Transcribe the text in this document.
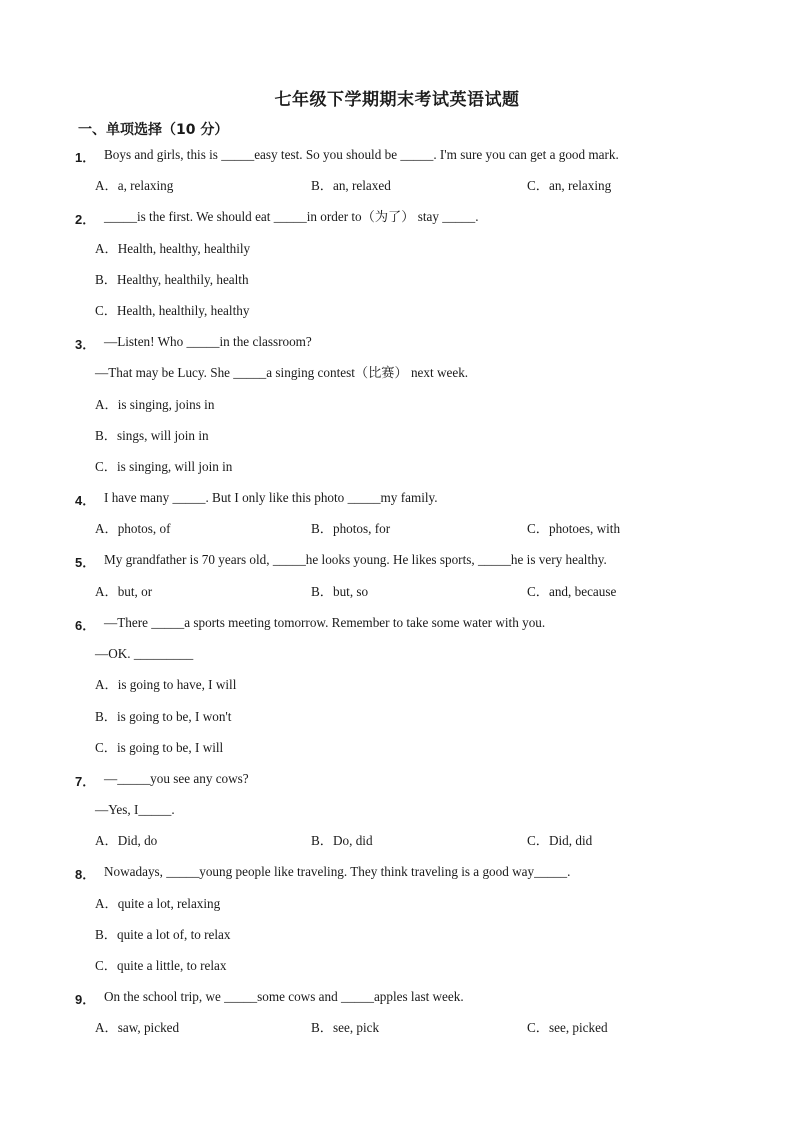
七年级下学期期末考试英语试题
一、单项选择（10 分）
1． Boys and girls, this is _____easy test. So you should be _____. I'm sure you can get a good mark.
A．a, relaxing	B．an, relaxed	C．an, relaxing
2． _____is the first. We should eat _____in order to（为了） stay _____.
A．Health, healthy, healthily
B．Healthy, healthily, health
C．Health, healthily, healthy
3． —Listen! Who _____in the classroom?
—That may be Lucy. She _____a singing contest（比赛） next week.
A．is singing, joins in
B．sings, will join in
C．is singing, will join in
4． I have many _____. But I only like this photo _____my family.
A．photos, of	B．photos, for	C．photoes, with
5． My grandfather is 70 years old, _____he looks young. He likes sports, _____he is very healthy.
A．but, or	B．but, so	C．and, because
6． —There _____a sports meeting tomorrow. Remember to take some water with you.
—OK. _________
A．is going to have, I will
B．is going to be, I won't
C．is going to be, I will
7． —_____you see any cows?
—Yes, I_____.
A．Did, do	B．Do, did	C．Did, did
8． Nowadays, _____young people like traveling. They think traveling is a good way_____.
A．quite a lot, relaxing
B．quite a lot of, to relax
C．quite a little, to relax
9． On the school trip, we _____some cows and _____apples last week.
A．saw, picked	B．see, pick	C．see, picked
